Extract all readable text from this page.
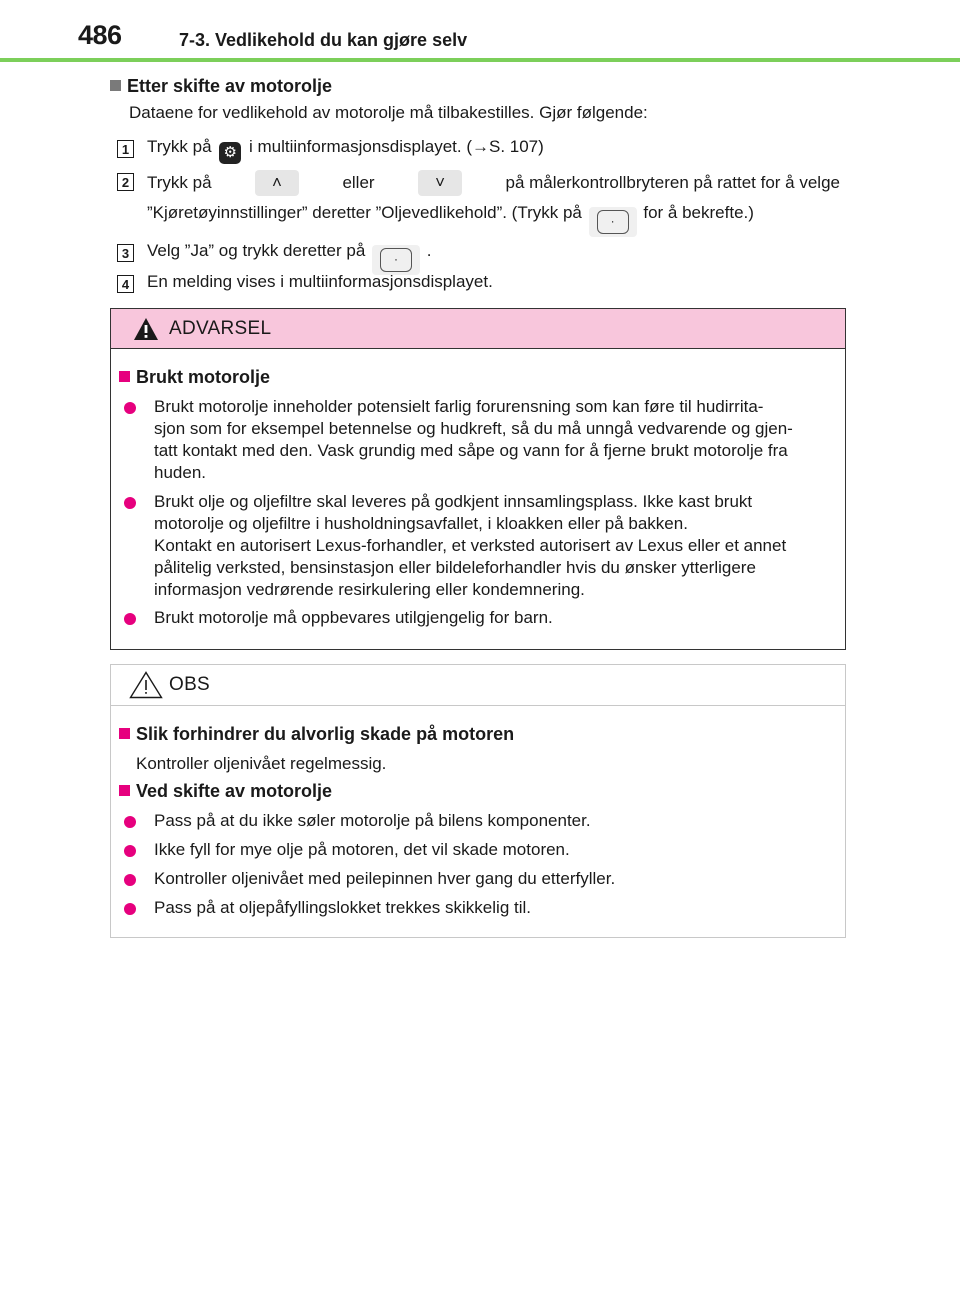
486	7-3. Vedlikehold du kan gjøre selv
Etter skifte av motorolje
Dataene for vedlikehold av motorolje må tilbakestilles. Gjør følgende:
1 Trykk på ⚙ i multiinformasjonsdisplayet. (→S. 107)
2 Trykk på	˄	eller	˅	på målerkontrollbryteren på rattet for å velge
”Kjøretøyinnstillinger” deretter ”Oljevedlikehold”. (Trykk på · for å bekrefte.)
3 Velg ”Ja” og trykk deretter på · .
4 En melding vises i multiinformasjonsdisplayet.
ADVARSEL
Brukt motorolje
Brukt motorolje inneholder potensielt farlig forurensning som kan føre til hudirrita-
sjon som for eksempel betennelse og hudkreft, så du må unngå vedvarende og gjen-
tatt kontakt med den. Vask grundig med såpe og vann for å fjerne brukt motorolje fra
huden.
Brukt olje og oljefiltre skal leveres på godkjent innsamlingsplass. Ikke kast brukt
motorolje og oljefiltre i husholdningsavfallet, i kloakken eller på bakken.
Kontakt en autorisert Lexus-forhandler, et verksted autorisert av Lexus eller et annet
pålitelig verksted, bensinstasjon eller bildeleforhandler hvis du ønsker ytterligere
informasjon vedrørende resirkulering eller kondemnering.
Brukt motorolje må oppbevares utilgjengelig for barn.
OBS
Slik forhindrer du alvorlig skade på motoren
Kontroller oljenivået regelmessig.
Ved skifte av motorolje
Pass på at du ikke søler motorolje på bilens komponenter.
Ikke fyll for mye olje på motoren, det vil skade motoren.
Kontroller oljenivået med peilepinnen hver gang du etterfyller.
Pass på at oljepåfyllingslokket trekkes skikkelig til.
